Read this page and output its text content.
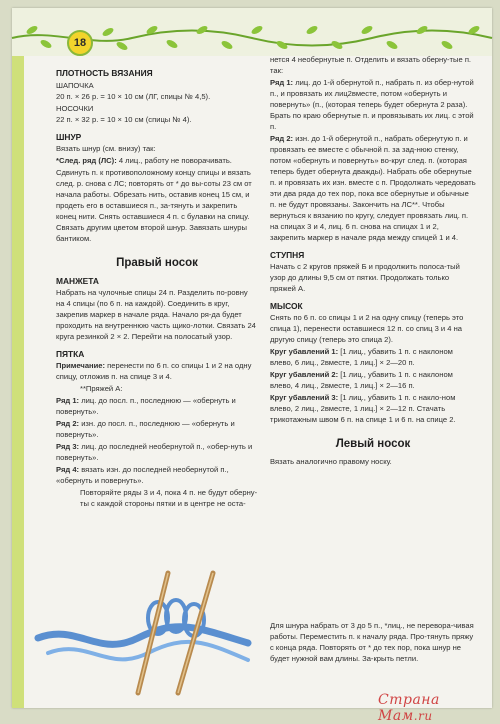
18
ПЛОТНОСТЬ ВЯЗАНИЯ
ШАПОЧКА

20 п. × 26 р. = 10 × 10 см (ЛГ, спицы № 4,5).

НОСОЧКИ

22 п. × 32 р. = 10 × 10 см (спицы № 4).

ШНУР

Вязать шнур (см. внизу) так:

*След. ряд (ЛС): 4 лиц., работу не поворачивать.

Сдвинуть п. к противоположному концу спицы и вязать след. р. снова с ЛС; повторять от * до вы-соты 23 см от начала работы. Обрезать нить, оставив конец 15 см, и продеть его в оставшиеся п., за-тянуть и закрепить конец нити. Снять оставшиеся 4 п. с булавки на спицу. Связать другим цветом второй шнур. Завязать шнуры бантиком.

Правый носок
МАНЖЕТА

Набрать на чулочные спицы 24 п. Разделить по-ровну на 4 спицы (по 6 п. на каждой). Соединить в круг, закрепив маркер в начале ряда. Начало ря-да будет проходить на внутреннюю часть щико-лотки. Связать 24 круга резинкой 2 × 2. Перейти на полосатый узор.

ПЯТКА

Примечание: перенести по 6 п. со спицы 1 и 2 на одну спицу, отложив п. на спице 3 и 4.

**Пряжей А:

Ряд 1: лиц. до посл. п., последнюю — «обернуть и повернуть».

Ряд 2: изн. до посл. п., последнюю — «обернуть и повернуть».

Ряд 3: лиц. до последней необернутой п., «обер-нуть и повернуть».

Ряд 4: вязать изн. до последней необернутой п., «обернуть и повернуть».

Повторяйте ряды 3 и 4, пока 4 п. не будут оберну-ты с каждой стороны пятки и в центре не оста-

нется 4 необернутые п. Отделить и вязать оберну-тые п. так:

Ряд 1: лиц. до 1-й обернутой п., набрать п. из обер-нутой п., и провязать их лиц2вместе, потом «обернуть и повернуть» (п., (которая теперь будет обернута 2 раза). Брать по краю обернутые п. и провязывать их лиц. с этой п.

Ряд 2: изн. до 1-й обернутой п., набрать обернутую п. и провязать ее вместе с обычной п. за зад-нюю стенку, потом «обернуть и повернуть» во-круг след. п. (которая теперь будет обернута дважды). Набрать обе обернутые п. и провязать их изн. вместе с п. Продолжать чередовать эти два ряда до тех пор, пока все обернутые и обычные п. не будут провязаны. Закончить на ЛС**. Чтобы вернуться к вязанию по кругу, следует провязать лиц. п. на спицах 3 и 4, лиц. 6 п. снова на спицах 1 и 2, закрепить маркер в начале ряда между спицей 1 и 4.

СТУПНЯ

Начать с 2 кругов пряжей Б и продолжить полоса-тый узор до длины 9,5 см от пятки. Продолжать только пряжей А.

МЫСОК

Снять по 6 п. со спицы 1 и 2 на одну спицу (теперь это спица 1), перенести оставшиеся 12 п. со спиц 3 и 4 на другую спицу (теперь это спица 2).

Круг убавлений 1: [1 лиц., убавить 1 п. с наклоном влево, 6 лиц., 2вместе, 1 лиц.] × 2—20 п.

Круг убавлений 2: [1 лиц., убавить 1 п. с наклоном влево, 4 лиц., 2вместе, 1 лиц.] × 2—16 п.

Круг убавлений 3: [1 лиц., убавить 1 п. с накло-ном влево, 2 лиц., 2вместе, 1 лиц.] × 2—12 п. Стачать трикотажным швом 6 п. на спице 1 и 6 п. на спице 2.

Левый носок

Вязать аналогично правому носку.

Для шнура набрать от 3 до 5 п., *лиц., не перевора-чивая работы. Переместить п. к началу ряда. Про-тянуть пряжу с конца ряда. Повторять от * до тех пор, пока шнур не будет нужной вам длины. За-крыть петли.
Страна Мам.ru
